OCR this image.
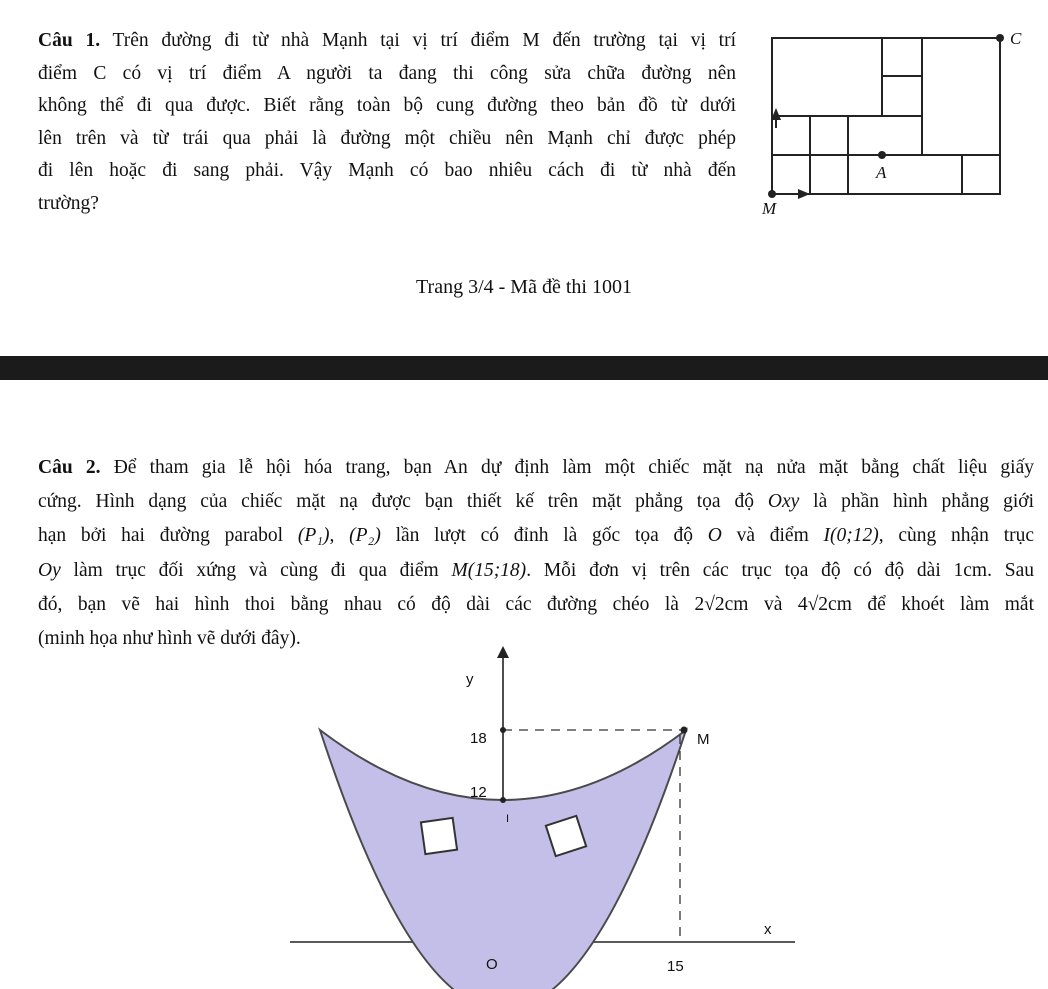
Câu 1. Trên đường đi từ nhà Mạnh tại vị trí điểm M đến trường tại vị trí
điểm C có vị trí điểm A người ta đang thi công sửa chữa đường nên
không thể đi qua được. Biết rằng toàn bộ cung đường theo bản đồ từ dưới
lên trên và từ trái qua phải là đường một chiều nên Mạnh chỉ được phép
đi lên hoặc đi sang phải. Vậy Mạnh có bao nhiêu cách đi từ nhà đến
trường?
C
A
M
Trang 3/4 - Mã đề thi 1001
Câu 2. Để tham gia lễ hội hóa trang, bạn An dự định làm một chiếc mặt nạ nửa mặt bằng chất liệu giấy
cứng. Hình dạng của chiếc mặt nạ được bạn thiết kế trên mặt phẳng tọa độ Oxy là phần hình phẳng giới
hạn bởi hai đường parabol (P₁), (P₂) lần lượt có đỉnh là gốc tọa độ O và điểm I(0;12), cùng nhận trục
Oy làm trục đối xứng và cùng đi qua điểm M(15;18). Mỗi đơn vị trên các trục tọa độ có độ dài 1cm. Sau
đó, bạn vẽ hai hình thoi bằng nhau có độ dài các đường chéo là 2√2cm và 4√2cm để khoét làm mắt
(minh họa như hình vẽ dưới đây).
y
18
12
I
M
x
O	15
